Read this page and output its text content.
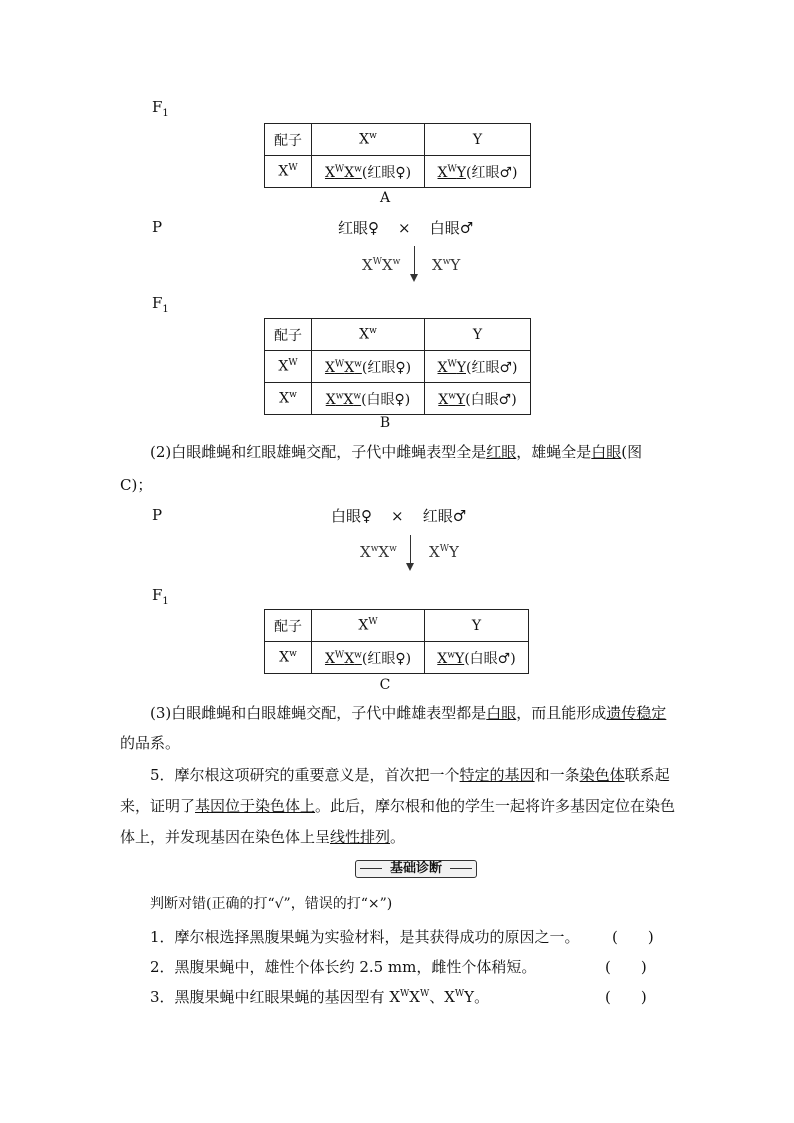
$F_1$
配子	$X^w$	Y
$X^W$	$X^WX^w$(红眼♀)	$X^WY$(红眼♂)
A
P	红眼♀ × 白眼♂
$X^WX^w$ $X^wY$
$F_1$
配子	$X^w$	Y
$X^W$	$X^WX^w$(红眼♀)	$X^WY$(红眼♂)
$X^w$	$X^wX^w$(白眼♀)	$X^wY$(白眼♂)
B
(2)白眼雌蝇和红眼雄蝇交配，子代中雌蝇表型全是红眼，雄蝇全是白眼(图
C)；
P	白眼♀ × 红眼♂
$X^wX^w$ $X^WY$
$F_1$
配子	$X^W$	Y
$X^w$	$X^WX^w$(红眼♀)	$X^wY$(白眼♂)
C
(3)白眼雌蝇和白眼雄蝇交配，子代中雌雄表型都是白眼，而且能形成遗传稳定的品系。
5．摩尔根这项研究的重要意义是，首次把一个特定的基因和一条染色体联系起来，证明了基因位于染色体上。此后，摩尔根和他的学生一起将许多基因定位在染色体上，并发现基因在染色体上呈线性排列。
基础诊断
判断对错(正确的打“√”，错误的打“×”)
1．摩尔根选择黑腹果蝇为实验材料，是其获得成功的原因之一。 (　　)
2．黑腹果蝇中，雄性个体长约 2.5 mm，雌性个体稍短。	(　　)
3．黑腹果蝇中红眼果蝇的基因型有 $X^WX^W$、$X^WY$。	(　　)
